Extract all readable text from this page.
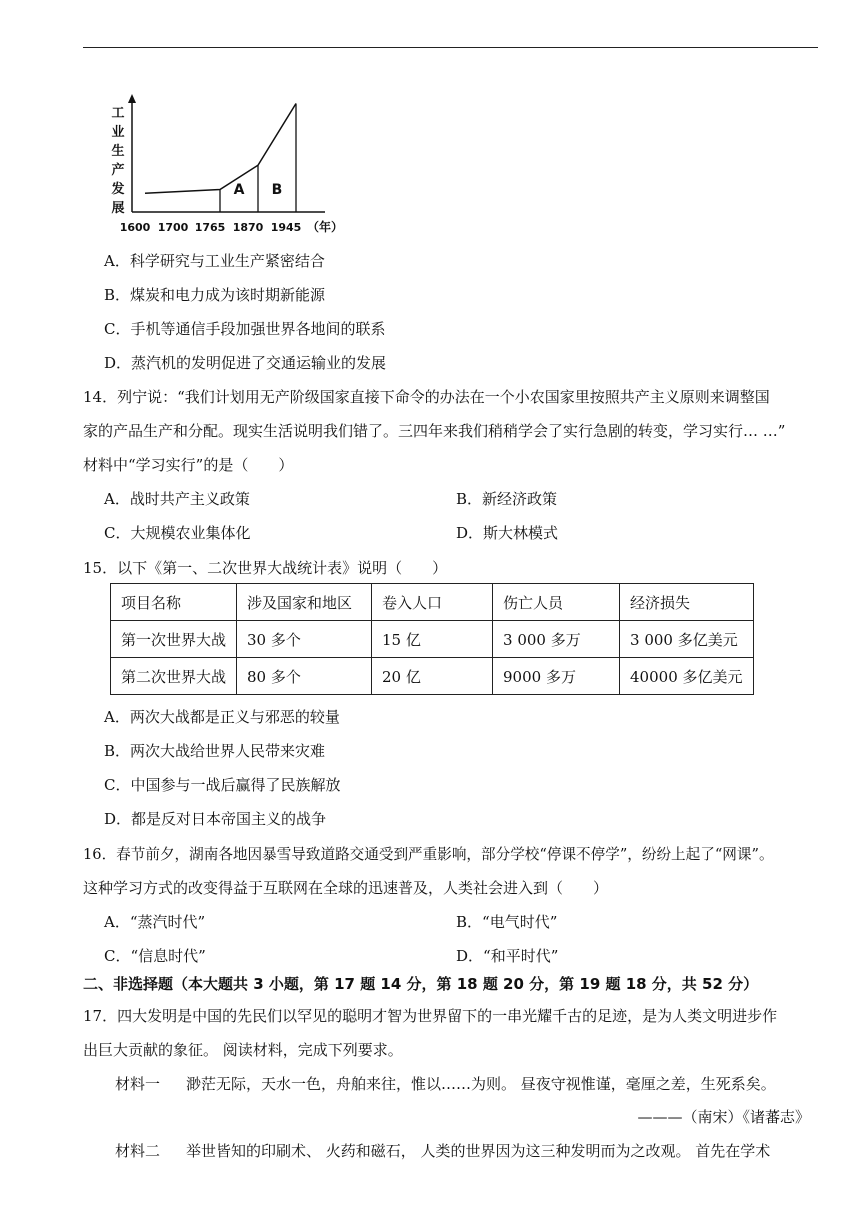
工
业
生
产
发
展
1600 1700 1765 1870 1945 （年）
A B
A．科学研究与工业生产紧密结合
B．煤炭和电力成为该时期新能源
C．手机等通信手段加强世界各地间的联系
D．蒸汽机的发明促进了交通运输业的发展
14．列宁说：“我们计划用无产阶级国家直接下命令的办法在一个小农国家里按照共产主义原则来调整国
家的产品生产和分配。现实生活说明我们错了。三四年来我们稍稍学会了实行急剧的转变，学习实行… …”
材料中“学习实行”的是（　　）
A．战时共产主义政策	B．新经济政策
C．大规模农业集体化	D．斯大林模式
15．以下《第一、二次世界大战统计表》说明（　　）
项目名称	涉及国家和地区	卷入人口	伤亡人员	经济损失
第一次世界大战	30 多个	15 亿	3 000 多万	3 000 多亿美元
第二次世界大战	80 多个	20 亿	9000 多万	40000 多亿美元
A．两次大战都是正义与邪恶的较量
B．两次大战给世界人民带来灾难
C．中国参与一战后赢得了民族解放
D．都是反对日本帝国主义的战争
16．春节前夕，湖南各地因暴雪导致道路交通受到严重影响，部分学校“停课不停学”，纷纷上起了“网课”。
这种学习方式的改变得益于互联网在全球的迅速普及，人类社会进入到（　　）
A．“蒸汽时代”	B．“电气时代”
C．“信息时代”	D．“和平时代”
二、非选择题（本大题共 3 小题，第 17 题 14 分，第 18 题 20 分，第 19 题 18 分，共 52 分）
17．四大发明是中国的先民们以罕见的聪明才智为世界留下的一串光耀千古的足迹，是为人类文明进步作
出巨大贡献的象征。 阅读材料，完成下列要求。
材料一 渺茫无际，天水一色，舟舶来往，惟以……为则。 昼夜守视惟谨，毫厘之差，生死系矣。
———（南宋）《诸蕃志》
材料二 举世皆知的印刷术、 火药和磁石， 人类的世界因为这三种发明而为之改观。 首先在学术
